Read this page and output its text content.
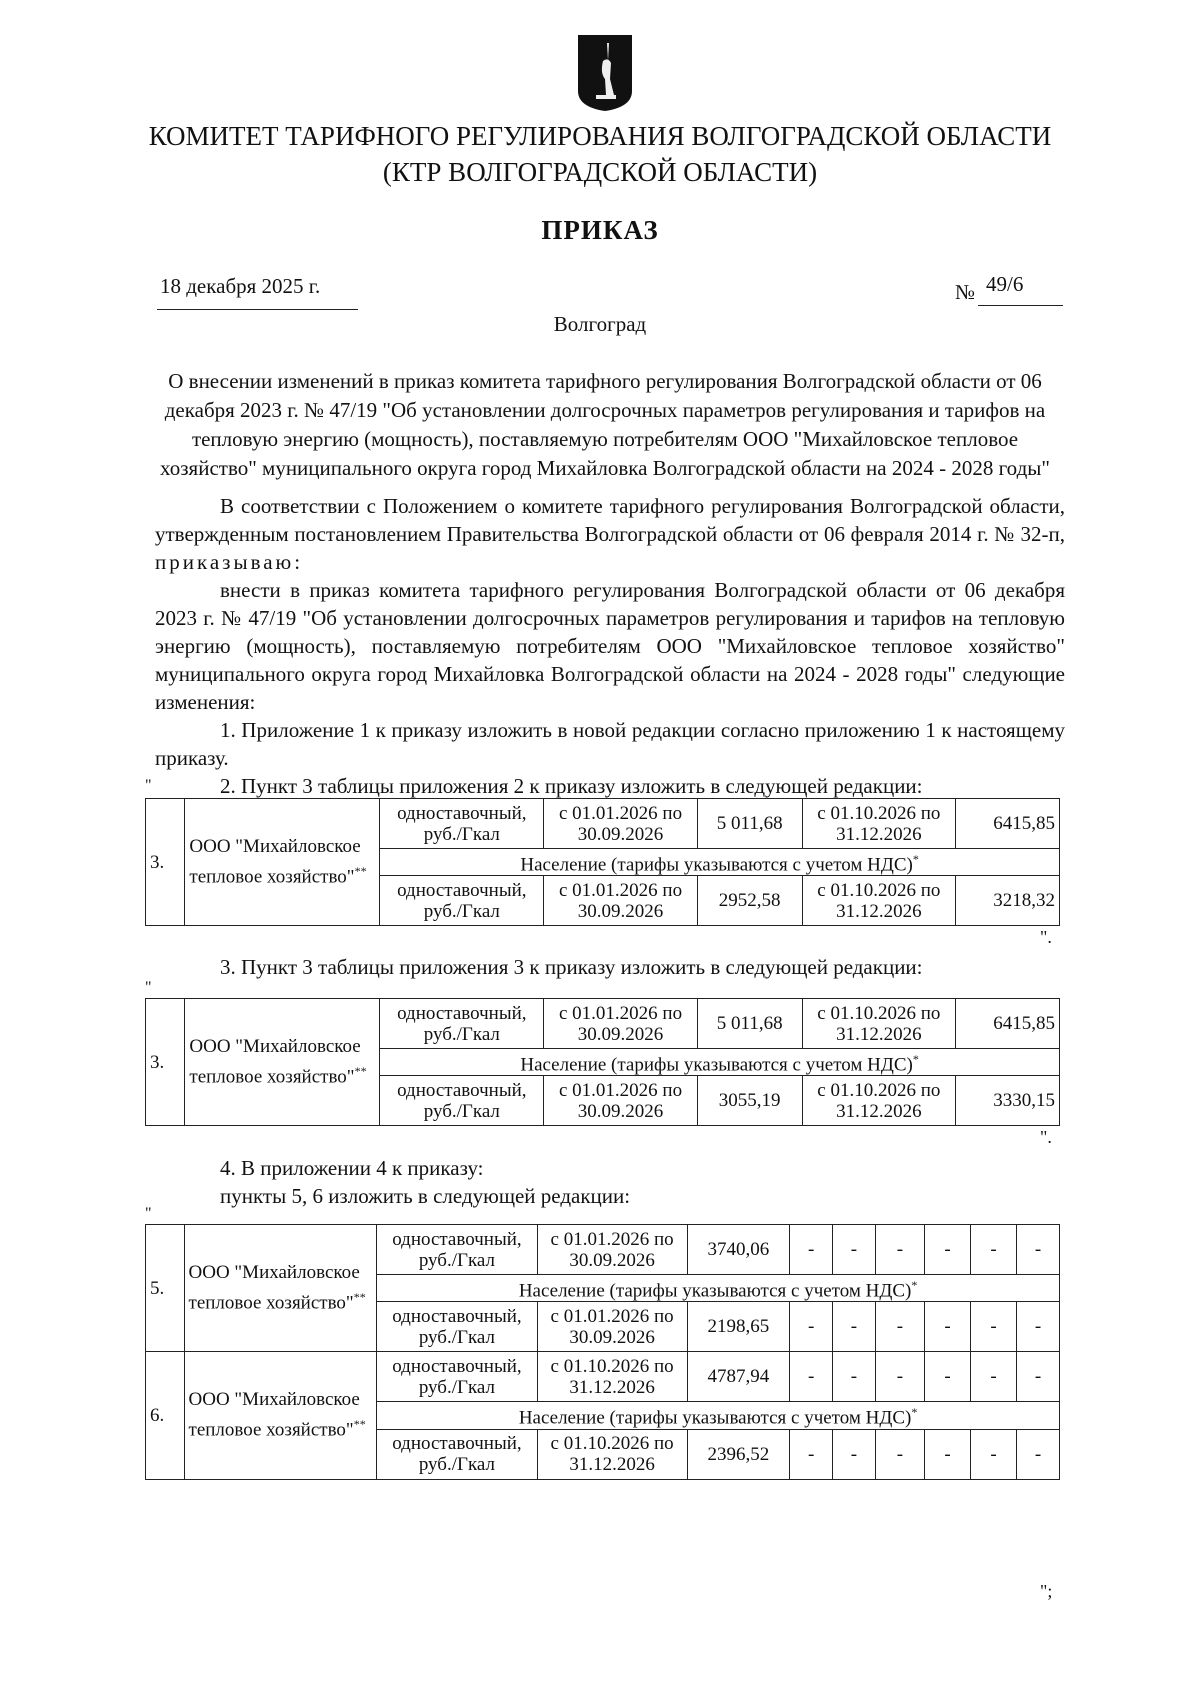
КОМИТЕТ ТАРИФНОГО РЕГУЛИРОВАНИЯ ВОЛГОГРАДСКОЙ ОБЛАСТИ
(КТР ВОЛГОГРАДСКОЙ ОБЛАСТИ)
ПРИКАЗ
18 декабря 2025 г.	№ 49/6
Волгоград
О внесении изменений в приказ комитета тарифного регулирования Волгоградской области от 06 декабря 2023 г. № 47/19 "Об установлении долгосрочных параметров регулирования и тарифов на тепловую энергию (мощность), поставляемую потребителям ООО "Михайловское тепловое хозяйство" муниципального округа город Михайловка Волгоградской области на 2024 - 2028 годы"
В соответствии с Положением о комитете тарифного регулирования Волгоградской области, утвержденным постановлением Правительства Волгоградской области от 06 февраля 2014 г. № 32-п, приказываю:
внести в приказ комитета тарифного регулирования Волгоградской области от 06 декабря 2023 г. № 47/19 "Об установлении долгосрочных параметров регулирования и тарифов на тепловую энергию (мощность), поставляемую потребителям ООО "Михайловское тепловое хозяйство" муниципального округа город Михайловка Волгоградской области на 2024 - 2028 годы" следующие изменения:
1. Приложение 1 к приказу изложить в новой редакции согласно приложению 1 к настоящему приказу.
2. Пункт 3 таблицы приложения 2 к приказу изложить в следующей редакции:
"
3.	ООО "Михайловское тепловое хозяйство"**	одноставочный, руб./Гкал	с 01.01.2026 по 30.09.2026	5 011,68	с 01.10.2026 по 31.12.2026	6415,85
		Население (тарифы указываются с учетом НДС)*
		одноставочный, руб./Гкал	с 01.01.2026 по 30.09.2026	2952,58	с 01.10.2026 по 31.12.2026	3218,32
".
3. Пункт 3 таблицы приложения 3 к приказу изложить в следующей редакции:
"
3.	ООО "Михайловское тепловое хозяйство"**	одноставочный, руб./Гкал	с 01.01.2026 по 30.09.2026	5 011,68	с 01.10.2026 по 31.12.2026	6415,85
		Население (тарифы указываются с учетом НДС)*
		одноставочный, руб./Гкал	с 01.01.2026 по 30.09.2026	3055,19	с 01.10.2026 по 31.12.2026	3330,15
".
4. В приложении 4 к приказу:
пункты 5, 6 изложить в следующей редакции:
"
5.	ООО "Михайловское тепловое хозяйство"**	одноставочный, руб./Гкал	с 01.01.2026 по 30.09.2026	3740,06	-	-	-	-	-	-
		Население (тарифы указываются с учетом НДС)*
		одноставочный, руб./Гкал	с 01.01.2026 по 30.09.2026	2198,65	-	-	-	-	-	-
6.	ООО "Михайловское тепловое хозяйство"**	одноставочный, руб./Гкал	с 01.10.2026 по 31.12.2026	4787,94	-	-	-	-	-	-
		Население (тарифы указываются с учетом НДС)*
		одноставочный, руб./Гкал	с 01.10.2026 по 31.12.2026	2396,52	-	-	-	-	-	-
";
